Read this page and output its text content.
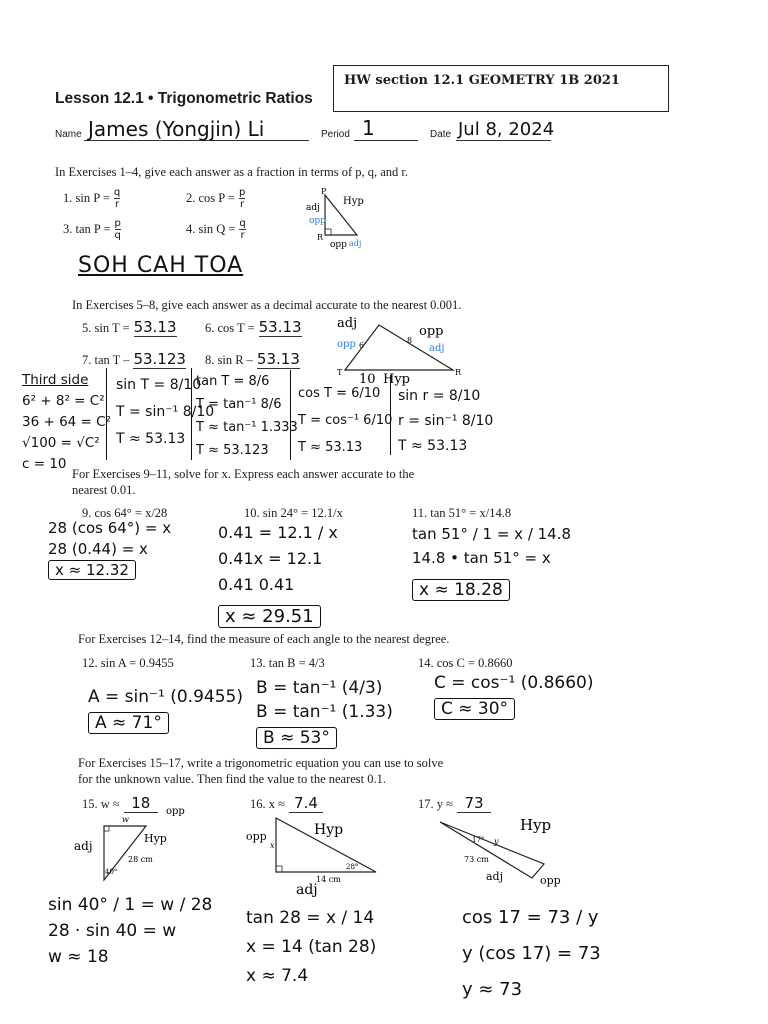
HW section 12.1 GEOMETRY 1B 2021
Lesson 12.1 • Trigonometric Ratios
Name James (Yongjin) Li	Period 1	Date Jul 8, 2024
In Exercises 1–4, give each answer as a fraction in terms of p, q, and r.
1. $\sin P = \frac{q}{r}$	2. $\cos P = \frac{p}{r}$
3. $\tan P = \frac{p}{q}$	4. $\sin Q = \frac{q}{r}$
P
R
Hyp
adj
opp
opp adj
SOH CAH TOA
In Exercises 5–8, give each answer as a decimal accurate to the nearest 0.001.
5. sin T = 53.13 6. cos T = 53.13
7. tan T – 53.123 8. sin R – 53.13
adj
opp
opp	adj
6
8
10 Hyp
T	R
Third side
6² + 8² = C²
36 + 64 = C²
√100 = √C²
c = 10
sin T = 8/10
T = sin⁻¹ 8/10
T ≈ 53.13
tan T = 8/6
T = tan⁻¹ 8/6
T ≈ tan⁻¹ 1.333
T ≈ 53.123
cos T = 6/10
T = cos⁻¹ 6/10
T ≈ 53.13
sin r = 8/10
r = sin⁻¹ 8/10
T ≈ 53.13
For Exercises 9–11, solve for x. Express each answer accurate to the
nearest 0.01.
9. cos 64° = x/28	10. sin 24° = 12.1/x	11. tan 51° = x/14.8
28 (cos 64°) = x
28 (0.44) = x
x ≈ 12.32
0.41 = 12.1 / x
0.41x = 12.1
0.41 0.41
x ≈ 29.51
tan 51° / 1 = x / 14.8
14.8 • tan 51° = x
x ≈ 18.28
For Exercises 12–14, find the measure of each angle to the nearest degree.
12. sin A = 0.9455	13. tan B = 4/3	14. cos C = 0.8660
A = sin⁻¹ (0.9455)
A ≈ 71°
B = tan⁻¹ (4/3)
B = tan⁻¹ (1.33)
B ≈ 53°
C = cos⁻¹ (0.8660)
C ≈ 30°
For Exercises 15–17, write a trigonometric equation you can use to solve
for the unknown value. Then find the value to the nearest 0.1.
15. w ≈ 18	16. x ≈ 7.4	17. y ≈ 73
opp
w
adj
Hyp
40°
28 cm
opp	Hyp
x
28°
14 cm
adj
Hyp
17° y
73 cm
adj	opp
sin 40° / 1 = w / 28
28 · sin 40 = w
w ≈ 18
tan 28 = x / 14
x = 14 (tan 28)
x ≈ 7.4
cos 17 = 73 / y
y (cos 17) = 73
y ≈ 73
